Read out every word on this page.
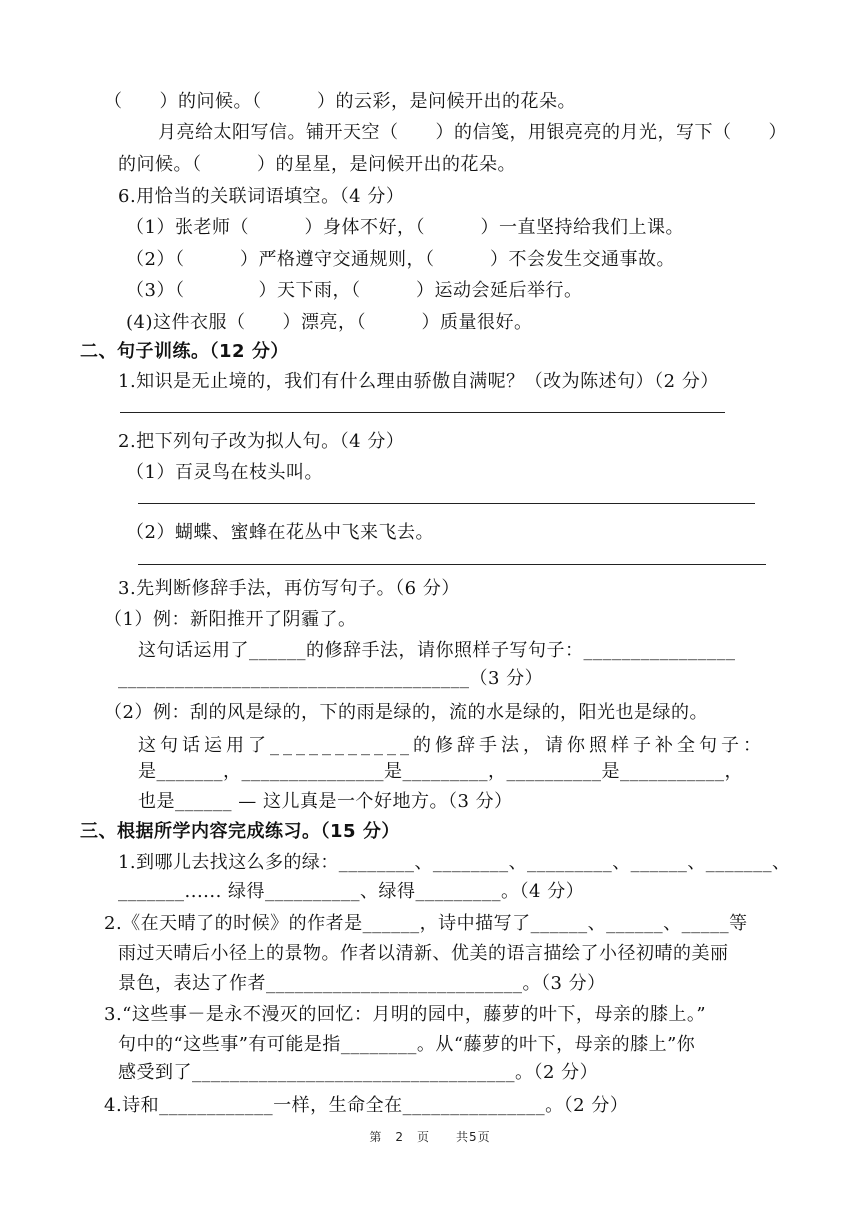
（　　）的问候。（　　　）的云彩，是问候开出的花朵。
月亮给太阳写信。铺开天空（　　）的信笺，用银亮亮的月光，写下（　　）
的问候。（　　　）的星星，是问候开出的花朵。
6.用恰当的关联词语填空。（4 分）
（1）张老师（　　　）身体不好，（　　　）一直坚持给我们上课。
（2）（　　　）严格遵守交通规则，（　　　）不会发生交通事故。
（3）（　　　　）天下雨，（　　　）运动会延后举行。
(4)这件衣服（　　）漂亮，（　　　）质量很好。
二、句子训练。（12 分）
1.知识是无止境的，我们有什么理由骄傲自满呢？（改为陈述句）（2 分）
2.把下列句子改为拟人句。（4 分）
（1）百灵鸟在枝头叫。
（2）蝴蝶、蜜蜂在花丛中飞来飞去。
3.先判断修辞手法，再仿写句子。（6 分）
（1）例：新阳推开了阴霾了。
这句话运用了______的修辞手法，请你照样子写句子：________________
_____________________________________（3 分）
（2）例：刮的风是绿的，下的雨是绿的，流的水是绿的，阳光也是绿的。
这句话运用了___________的修辞手法，请你照样子补全句子：
是_______，_______________是_________，__________是___________，
也是______ — 这儿真是一个好地方。（3 分）
三、根据所学内容完成练习。（15 分）
1.到哪儿去找这么多的绿：________、________、_________、______、_______、
_______...... 绿得__________、绿得_________。（4 分）
2.《在天晴了的时候》的作者是______，诗中描写了______、______、_____等
雨过天晴后小径上的景物。作者以清新、优美的语言描绘了小径初晴的美丽
景色，表达了作者___________________________。（3 分）
3.“这些事－是永不漫灭的回忆：月明的园中，藤萝的叶下，母亲的膝上。”
句中的“这些事”有可能是指________。从“藤萝的叶下，母亲的膝上”你
感受到了__________________________________。（2 分）
4.诗和____________一样，生命全在_______________。（2 分）
第　2　页　　共5页
